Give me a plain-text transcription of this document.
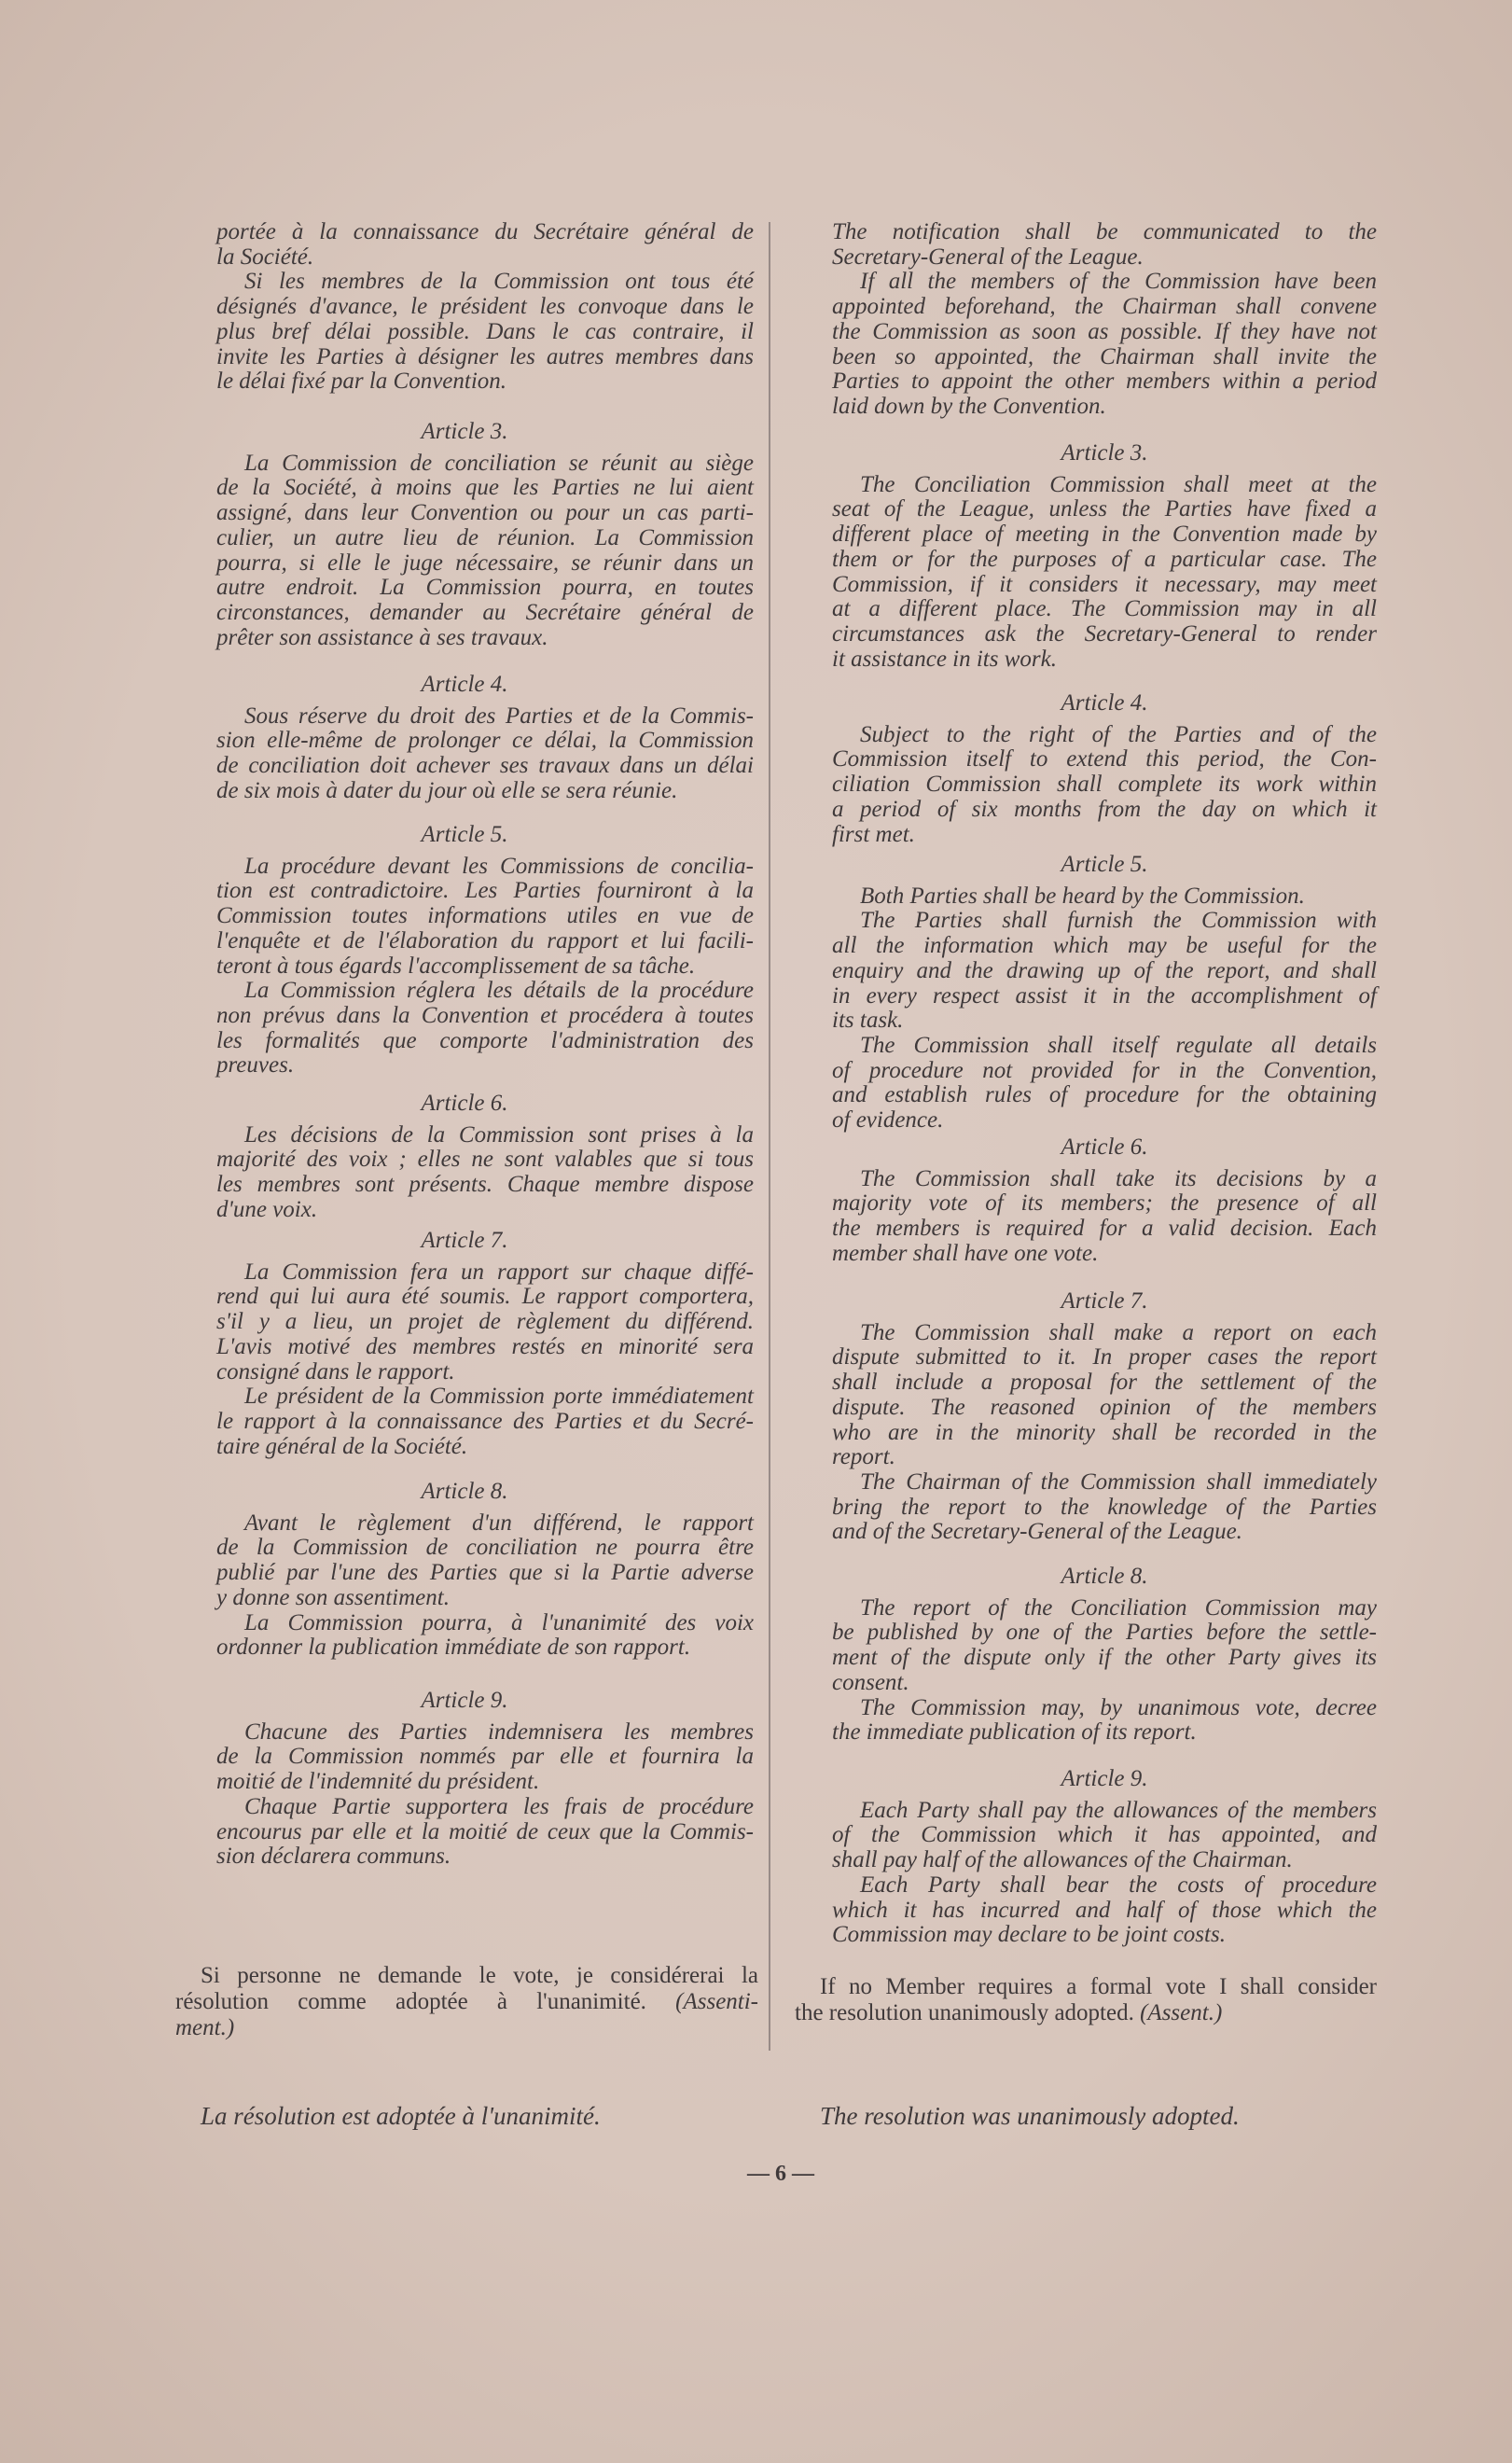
portée à la connaissance du Secrétaire général de
la Société.
Si les membres de la Commission ont tous été
désignés d'avance, le président les convoque dans le
plus bref délai possible. Dans le cas contraire, il
invite les Parties à désigner les autres membres dans
le délai fixé par la Convention.
Article 3.
La Commission de conciliation se réunit au siège
de la Société, à moins que les Parties ne lui aient
assigné, dans leur Convention ou pour un cas parti-
culier, un autre lieu de réunion. La Commission
pourra, si elle le juge nécessaire, se réunir dans un
autre endroit. La Commission pourra, en toutes
circonstances, demander au Secrétaire général de
prêter son assistance à ses travaux.
Article 4.
Sous réserve du droit des Parties et de la Commis-
sion elle-même de prolonger ce délai, la Commission
de conciliation doit achever ses travaux dans un délai
de six mois à dater du jour où elle se sera réunie.
Article 5.
La procédure devant les Commissions de concilia-
tion est contradictoire. Les Parties fourniront à la
Commission toutes informations utiles en vue de
l'enquête et de l'élaboration du rapport et lui facili-
teront à tous égards l'accomplissement de sa tâche.
La Commission réglera les détails de la procédure
non prévus dans la Convention et procédera à toutes
les formalités que comporte l'administration des
preuves.
Article 6.
Les décisions de la Commission sont prises à la
majorité des voix ; elles ne sont valables que si tous
les membres sont présents. Chaque membre dispose
d'une voix.
Article 7.
La Commission fera un rapport sur chaque diffé-
rend qui lui aura été soumis. Le rapport comportera,
s'il y a lieu, un projet de règlement du différend.
L'avis motivé des membres restés en minorité sera
consigné dans le rapport.
Le président de la Commission porte immédiatement
le rapport à la connaissance des Parties et du Secré-
taire général de la Société.
Article 8.
Avant le règlement d'un différend, le rapport
de la Commission de conciliation ne pourra être
publié par l'une des Parties que si la Partie adverse
y donne son assentiment.
La Commission pourra, à l'unanimité des voix
ordonner la publication immédiate de son rapport.
Article 9.
Chacune des Parties indemnisera les membres
de la Commission nommés par elle et fournira la
moitié de l'indemnité du président.
Chaque Partie supportera les frais de procédure
encourus par elle et la moitié de ceux que la Commis-
sion déclarera communs.
The notification shall be communicated to the
Secretary-General of the League.
If all the members of the Commission have been
appointed beforehand, the Chairman shall convene
the Commission as soon as possible. If they have not
been so appointed, the Chairman shall invite the
Parties to appoint the other members within a period
laid down by the Convention.
Article 3.
The Conciliation Commission shall meet at the
seat of the League, unless the Parties have fixed a
different place of meeting in the Convention made by
them or for the purposes of a particular case. The
Commission, if it considers it necessary, may meet
at a different place. The Commission may in all
circumstances ask the Secretary-General to render
it assistance in its work.
Article 4.
Subject to the right of the Parties and of the
Commission itself to extend this period, the Con-
ciliation Commission shall complete its work within
a period of six months from the day on which it
first met.
Article 5.
Both Parties shall be heard by the Commission.
The Parties shall furnish the Commission with
all the information which may be useful for the
enquiry and the drawing up of the report, and shall
in every respect assist it in the accomplishment of
its task.
The Commission shall itself regulate all details
of procedure not provided for in the Convention,
and establish rules of procedure for the obtaining
of evidence.
Article 6.
The Commission shall take its decisions by a
majority vote of its members; the presence of all
the members is required for a valid decision. Each
member shall have one vote.
Article 7.
The Commission shall make a report on each
dispute submitted to it. In proper cases the report
shall include a proposal for the settlement of the
dispute. The reasoned opinion of the members
who are in the minority shall be recorded in the
report.
The Chairman of the Commission shall immediately
bring the report to the knowledge of the Parties
and of the Secretary-General of the League.
Article 8.
The report of the Conciliation Commission may
be published by one of the Parties before the settle-
ment of the dispute only if the other Party gives its
consent.
The Commission may, by unanimous vote, decree
the immediate publication of its report.
Article 9.
Each Party shall pay the allowances of the members
of the Commission which it has appointed, and
shall pay half of the allowances of the Chairman.
Each Party shall bear the costs of procedure
which it has incurred and half of those which the
Commission may declare to be joint costs.
Si personne ne demande le vote, je considérerai la
résolution comme adoptée à l'unanimité. (Assenti-
ment.)
If no Member requires a formal vote I shall consider
the resolution unanimously adopted. (Assent.)
La résolution est adoptée à l'unanimité.	The resolution was unanimously adopted.
— 6 —
